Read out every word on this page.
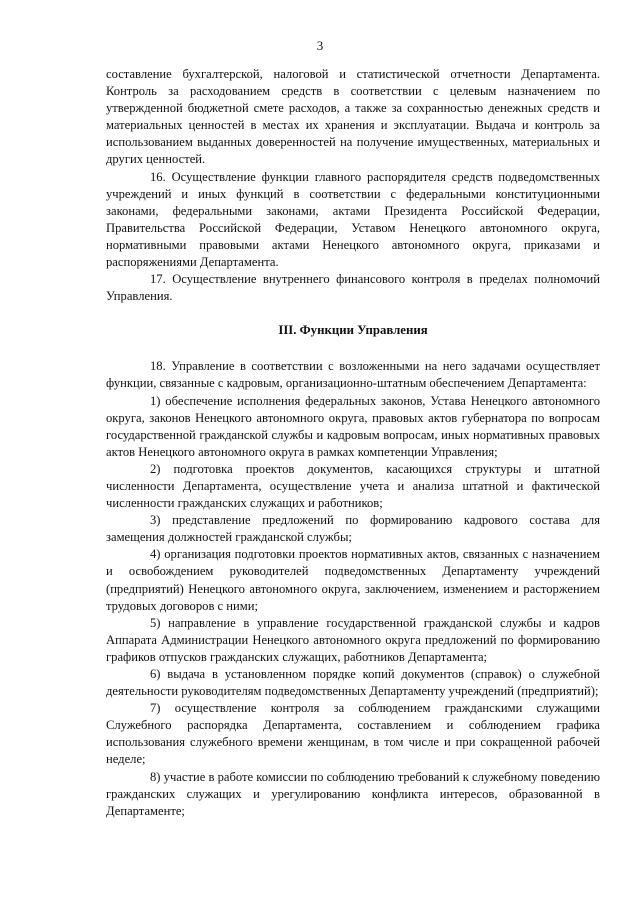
3

составление бухгалтерской, налоговой и статистической отчетности Департамента. Контроль за расходованием средств в соответствии с целевым назначением по утвержденной бюджетной смете расходов, а также за сохранностью денежных средств и материальных ценностей в местах их хранения и эксплуатации. Выдача и контроль за использованием выданных доверенностей на получение имущественных, материальных и других ценностей.

16. Осуществление функции главного распорядителя средств подведомственных учреждений и иных функций в соответствии с федеральными конституционными законами, федеральными законами, актами Президента Российской Федерации, Правительства Российской Федерации, Уставом Ненецкого автономного округа, нормативными правовыми актами Ненецкого автономного округа, приказами и распоряжениями Департамента.

17. Осуществление внутреннего финансового контроля в пределах полномочий Управления.

III. Функции Управления

18. Управление в соответствии с возложенными на него задачами осуществляет функции, связанные с кадровым, организационно-штатным обеспечением Департамента:

1) обеспечение исполнения федеральных законов, Устава Ненецкого автономного округа, законов Ненецкого автономного округа, правовых актов губернатора по вопросам государственной гражданской службы и кадровым вопросам, иных нормативных правовых актов Ненецкого автономного округа в рамках компетенции Управления;

2) подготовка проектов документов, касающихся структуры и штатной численности Департамента, осуществление учета и анализа штатной и фактической численности гражданских служащих и работников;

3) представление предложений по формированию кадрового состава для замещения должностей гражданской службы;

4) организация подготовки проектов нормативных актов, связанных с назначением и освобождением руководителей подведомственных Департаменту учреждений (предприятий) Ненецкого автономного округа, заключением, изменением и расторжением трудовых договоров с ними;

5) направление в управление государственной гражданской службы и кадров Аппарата Администрации Ненецкого автономного округа предложений по формированию графиков отпусков гражданских служащих, работников Департамента;

6) выдача в установленном порядке копий документов (справок) о служебной деятельности руководителям подведомственных Департаменту учреждений (предприятий);

7) осуществление контроля за соблюдением гражданскими служащими Служебного распорядка Департамента, составлением и соблюдением графика использования служебного времени женщинам, в том числе и при сокращенной рабочей неделе;

8) участие в работе комиссии по соблюдению требований к служебному поведению гражданских служащих и урегулированию конфликта интересов, образованной в Департаменте;
